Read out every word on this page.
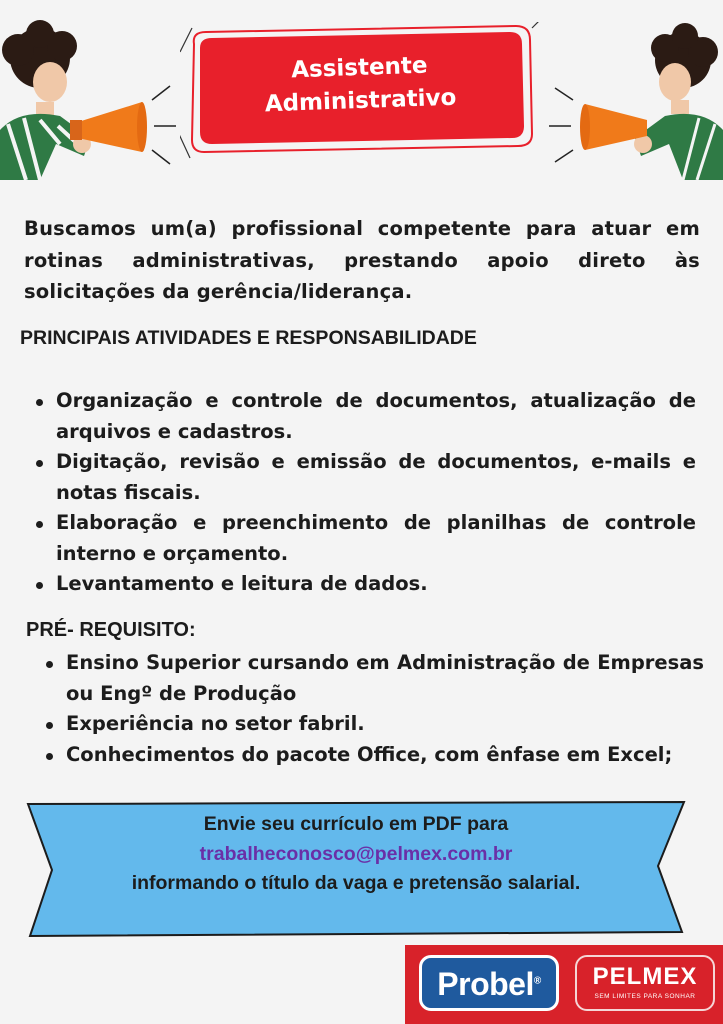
Assistente
Administrativo
Buscamos um(a) profissional competente para atuar em rotinas administrativas, prestando apoio direto às solicitações da gerência/liderança.
PRINCIPAIS ATIVIDADES E RESPONSABILIDADE
Organização e controle de documentos, atualização de arquivos e cadastros.
Digitação, revisão e emissão de documentos, e-mails e notas fiscais.
Elaboração e preenchimento de planilhas de controle interno e orçamento.
Levantamento e leitura de dados.
PRÉ- REQUISITO:
Ensino Superior cursando em Administração de Empresas ou Engº de Produção
Experiência no setor fabril.
Conhecimentos do pacote Office, com ênfase em Excel;
Envie seu currículo em PDF para
trabalheconosco@pelmex.com.br
informando o título da vaga e pretensão salarial.
Probel®	PELMEX
SEM LIMITES PARA SONHAR
